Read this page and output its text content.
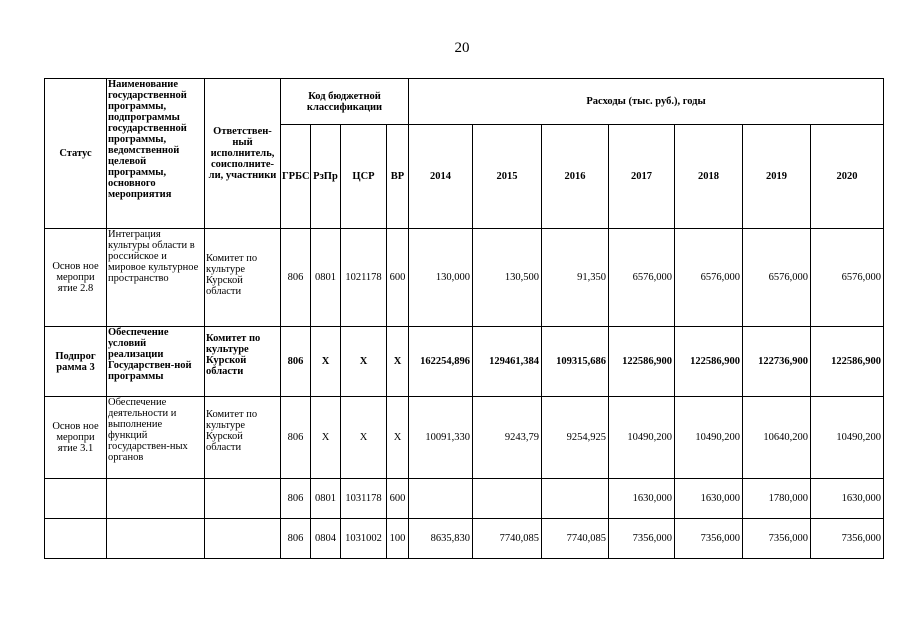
20
Статус	Наименование государственной программы, подпрограммы государственной программы, ведомственной целевой программы, основного мероприятия	Ответствен-ный исполнитель, соисполните-ли, участники	Код бюджетной классификации				Расходы (тыс. руб.), годы						
			ГРБС	РзПр	ЦСР	ВР	2014	2015	2016	2017	2018	2019	2020
Основ ное меропри ятие 2.8	Интеграция культуры области в российское и мировое культурное пространство	Комитет по культуре Курской области	806	0801	1021178	600	130,000	130,500	91,350	6576,000	6576,000	6576,000	6576,000
Подпрог рамма 3	Обеспечение условий реализации Государствен-ной программы	Комитет по культуре Курской области	806	X	X	X	162254,896	129461,384	109315,686	122586,900	122586,900	122736,900	122586,900
Основ ное меропри ятие 3.1	Обеспечение деятельности и выполнение функций государствен-ных органов	Комитет по культуре Курской области	806	X	X	X	10091,330	9243,79	9254,925	10490,200	10490,200	10640,200	10490,200
			806	0801	1031178	600				1630,000	1630,000	1780,000	1630,000
			806	0804	1031002	100	8635,830	7740,085	7740,085	7356,000	7356,000	7356,000	7356,000
